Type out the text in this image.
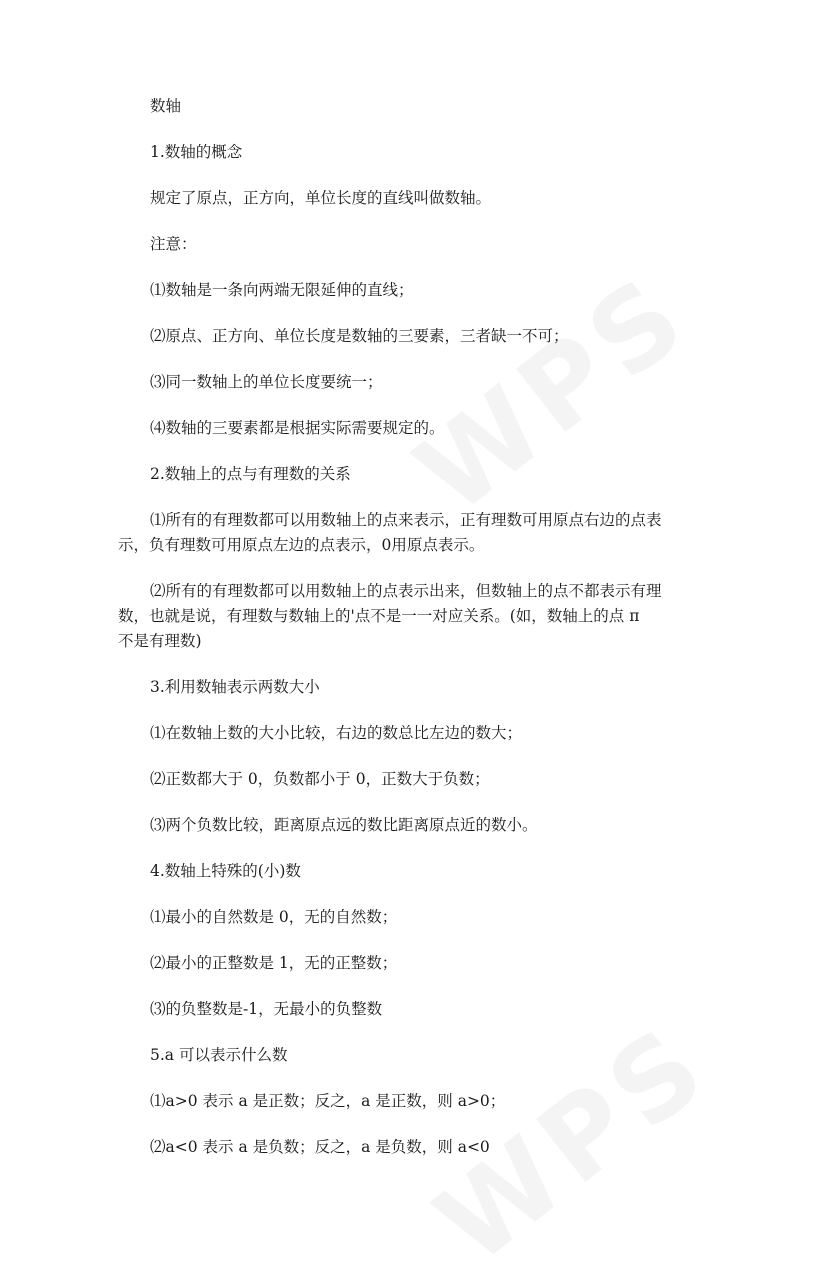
数轴

1.数轴的概念

规定了原点，正方向，单位长度的直线叫做数轴。

注意：

⑴数轴是一条向两端无限延伸的直线；

⑵原点、正方向、单位长度是数轴的三要素，三者缺一不可；

⑶同一数轴上的单位长度要统一；

⑷数轴的三要素都是根据实际需要规定的。

2.数轴上的点与有理数的关系

⑴所有的有理数都可以用数轴上的点来表示，正有理数可用原点右边的点表
示，负有理数可用原点左边的点表示，0用原点表示。
⑵所有的有理数都可以用数轴上的点表示出来，但数轴上的点不都表示有理
数，也就是说，有理数与数轴上的'点不是一一对应关系。(如，数轴上的点 π
不是有理数)

3.利用数轴表示两数大小

⑴在数轴上数的大小比较，右边的数总比左边的数大；

⑵正数都大于 0，负数都小于 0，正数大于负数；

⑶两个负数比较，距离原点远的数比距离原点近的数小。

4.数轴上特殊的(小)数

⑴最小的自然数是 0，无的自然数；

⑵最小的正整数是 1，无的正整数；

⑶的负整数是-1，无最小的负整数

5.a 可以表示什么数

⑴a>0 表示 a 是正数；反之，a 是正数，则 a>0；

⑵a<0 表示 a 是负数；反之，a 是负数，则 a<0
